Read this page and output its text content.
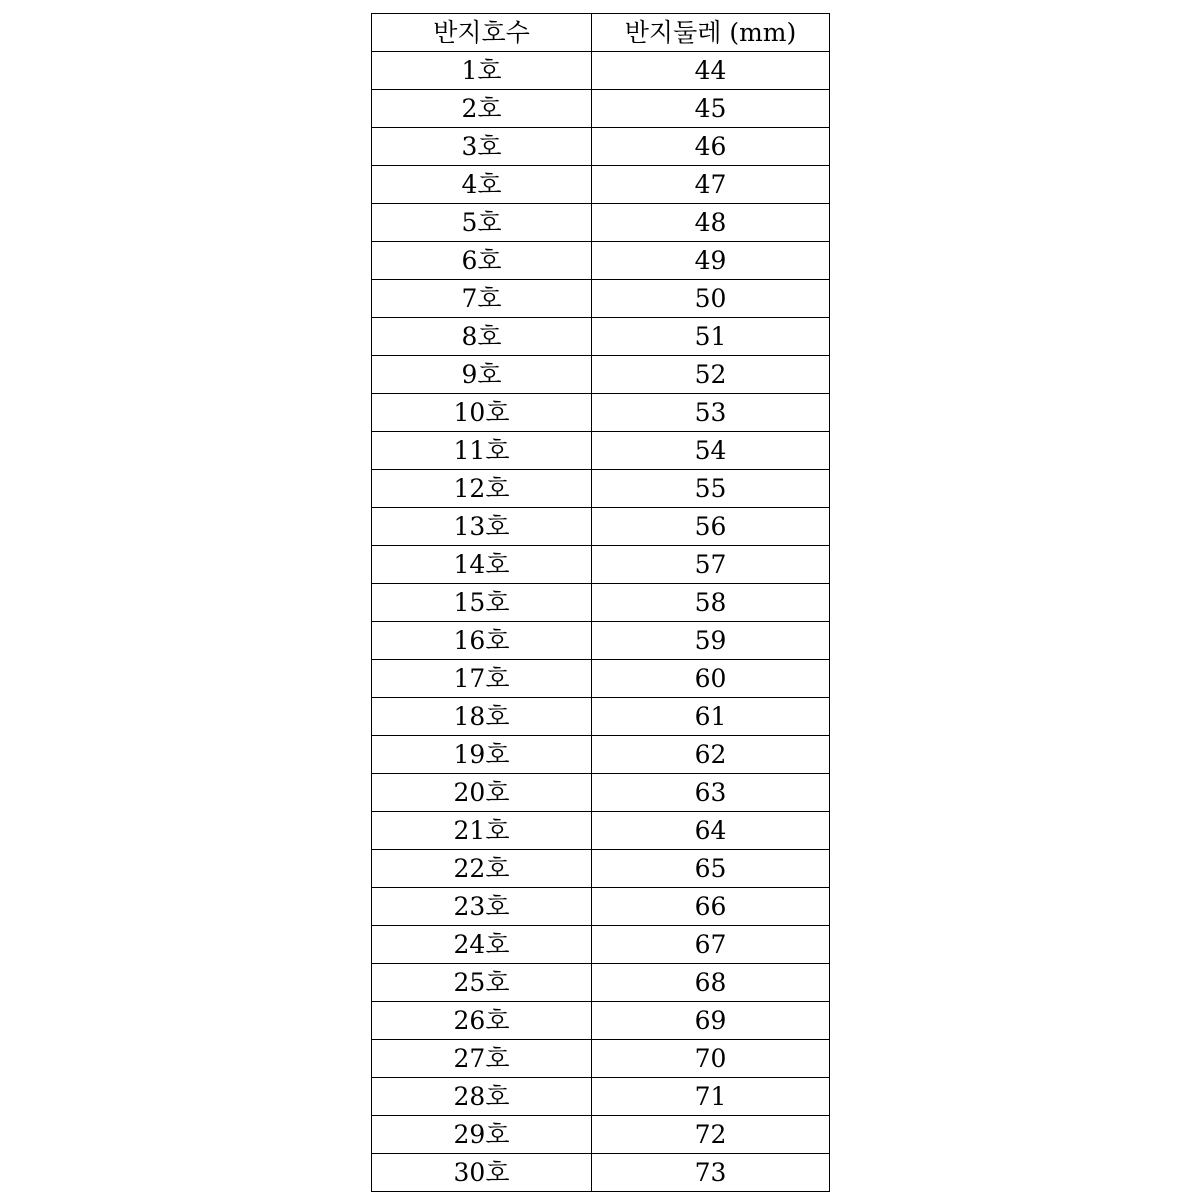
반지호수	반지둘레 (mm)
1호	44
2호	45
3호	46
4호	47
5호	48
6호	49
7호	50
8호	51
9호	52
10호	53
11호	54
12호	55
13호	56
14호	57
15호	58
16호	59
17호	60
18호	61
19호	62
20호	63
21호	64
22호	65
23호	66
24호	67
25호	68
26호	69
27호	70
28호	71
29호	72
30호	73
